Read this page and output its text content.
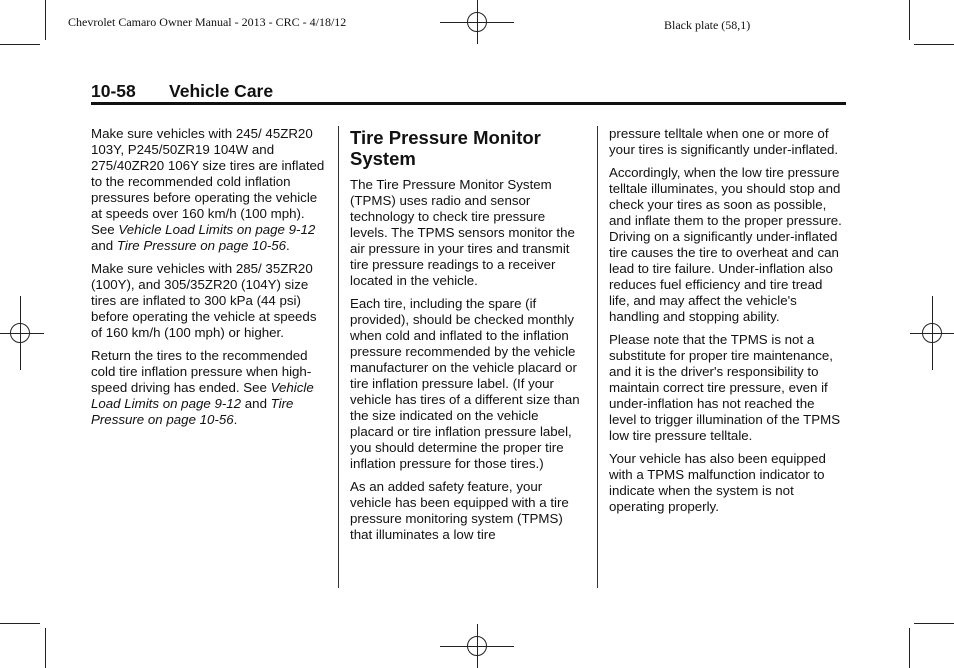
Chevrolet Camaro Owner Manual - 2013 - CRC - 4/18/12	Black plate (58,1)
10-58 Vehicle Care

Make sure vehicles with 245/ 45ZR20 103Y, P245/50ZR19 104W and 275/40ZR20 106Y size tires are inflated to the recommended cold inflation pressures before operating the vehicle at speeds over 160 km/h (100 mph). See Vehicle Load Limits on page 9-12 and Tire Pressure on page 10-56.

Make sure vehicles with 285/ 35ZR20 (100Y), and 305/35ZR20 (104Y) size tires are inflated to 300 kPa (44 psi) before operating the vehicle at speeds of 160 km/h (100 mph) or higher.

Return the tires to the recommended cold tire inflation pressure when high-speed driving has ended. See Vehicle Load Limits on page 9-12 and Tire Pressure on page 10-56.

Tire Pressure Monitor System

The Tire Pressure Monitor System (TPMS) uses radio and sensor technology to check tire pressure levels. The TPMS sensors monitor the air pressure in your tires and transmit tire pressure readings to a receiver located in the vehicle.

Each tire, including the spare (if provided), should be checked monthly when cold and inflated to the inflation pressure recommended by the vehicle manufacturer on the vehicle placard or tire inflation pressure label. (If your vehicle has tires of a different size than the size indicated on the vehicle placard or tire inflation pressure label, you should determine the proper tire inflation pressure for those tires.)

As an added safety feature, your vehicle has been equipped with a tire pressure monitoring system (TPMS) that illuminates a low tire

pressure telltale when one or more of your tires is significantly under-inflated.

Accordingly, when the low tire pressure telltale illuminates, you should stop and check your tires as soon as possible, and inflate them to the proper pressure. Driving on a significantly under-inflated tire causes the tire to overheat and can lead to tire failure. Under-inflation also reduces fuel efficiency and tire tread life, and may affect the vehicle's handling and stopping ability.

Please note that the TPMS is not a substitute for proper tire maintenance, and it is the driver's responsibility to maintain correct tire pressure, even if under-inflation has not reached the level to trigger illumination of the TPMS low tire pressure telltale.

Your vehicle has also been equipped with a TPMS malfunction indicator to indicate when the system is not operating properly.
